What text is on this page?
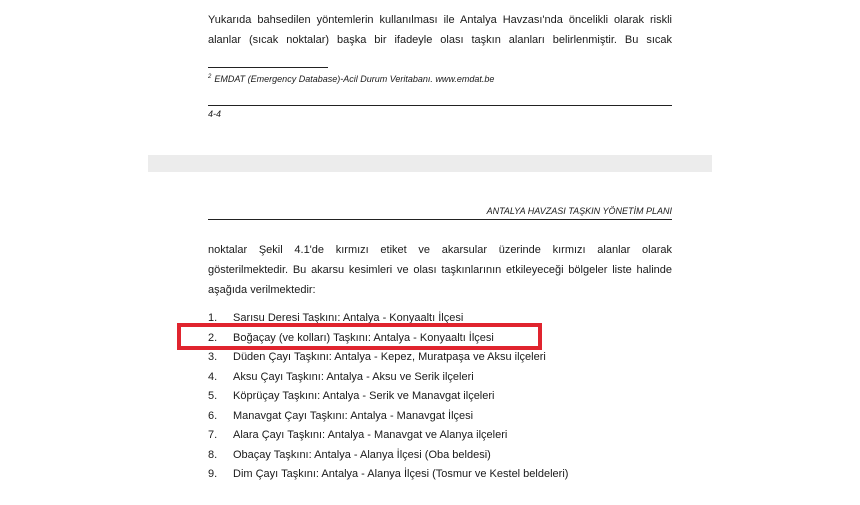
Yukarıda bahsedilen yöntemlerin kullanılması ile Antalya Havzası'nda öncelikli olarak riskli
alanlar (sıcak noktalar) başka bir ifadeyle olası taşkın alanları belirlenmiştir. Bu sıcak
$^2$ EMDAT (Emergency Database)-Acil Durum Veritabanı. www.emdat.be
4-4
ANTALYA HAVZASI TAŞKIN YÖNETİM PLANI
noktalar Şekil 4.1'de kırmızı etiket ve akarsular üzerinde kırmızı alanlar olarak
gösterilmektedir. Bu akarsu kesimleri ve olası taşkınlarının etkileyeceği bölgeler liste halinde
aşağıda verilmektedir:
1. Sarısu Deresi Taşkını: Antalya - Konyaaltı İlçesi
2. Boğaçay (ve kolları) Taşkını: Antalya - Konyaaltı İlçesi
3. Düden Çayı Taşkını: Antalya - Kepez, Muratpaşa ve Aksu ilçeleri
4. Aksu Çayı Taşkını: Antalya - Aksu ve Serik ilçeleri
5. Köprüçay Taşkını: Antalya - Serik ve Manavgat ilçeleri
6. Manavgat Çayı Taşkını: Antalya - Manavgat İlçesi
7. Alara Çayı Taşkını: Antalya - Manavgat ve Alanya ilçeleri
8. Obaçay Taşkını: Antalya - Alanya İlçesi (Oba beldesi)
9. Dim Çayı Taşkını: Antalya - Alanya İlçesi (Tosmur ve Kestel beldeleri)
